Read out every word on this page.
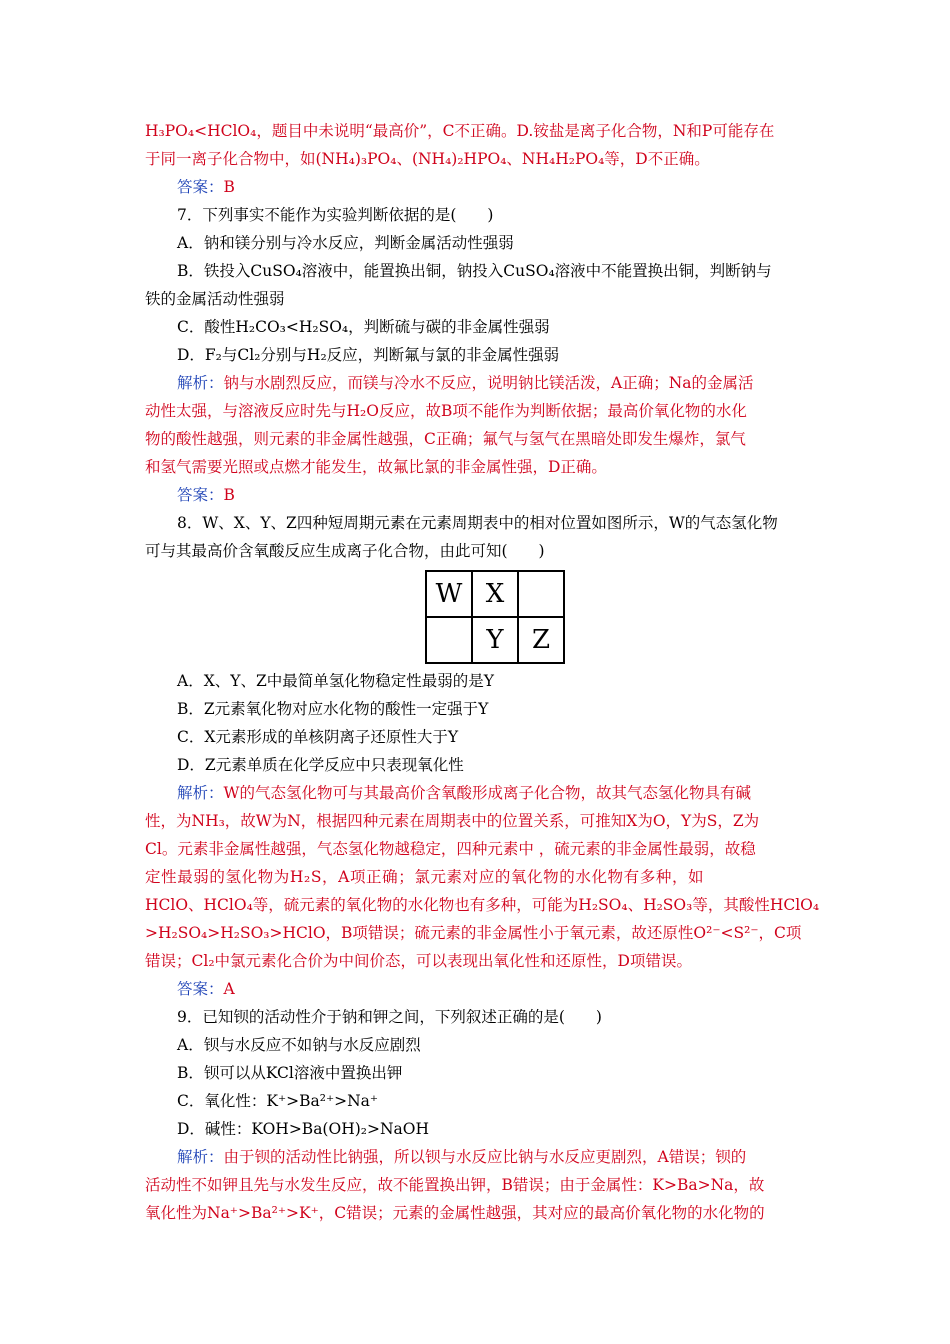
H₃PO₄<HClO₄，题目中未说明“最高价”，C不正确。D.铵盐是离子化合物，N和P可能存在
于同一离子化合物中，如(NH₄)₃PO₄、(NH₄)₂HPO₄、NH₄H₂PO₄等，D不正确。
答案：B
7．下列事实不能作为实验判断依据的是(　　)
A．钠和镁分别与冷水反应，判断金属活动性强弱
B．铁投入CuSO₄溶液中，能置换出铜，钠投入CuSO₄溶液中不能置换出铜，判断钠与
铁的金属活动性强弱
C．酸性H₂CO₃<H₂SO₄，判断硫与碳的非金属性强弱
D．F₂与Cl₂分别与H₂反应，判断氟与氯的非金属性强弱
解析：钠与水剧烈反应，而镁与冷水不反应，说明钠比镁活泼，A正确；Na的金属活
动性太强，与溶液反应时先与H₂O反应，故B项不能作为判断依据；最高价氧化物的水化
物的酸性越强，则元素的非金属性越强，C正确；氟气与氢气在黑暗处即发生爆炸，氯气
和氢气需要光照或点燃才能发生，故氟比氯的非金属性强，D正确。
答案：B
8．W、X、Y、Z四种短周期元素在元素周期表中的相对位置如图所示，W的气态氢化物
可与其最高价含氧酸反应生成离子化合物，由此可知(　　)
W	X	
	Y	Z
A．X、Y、Z中最简单氢化物稳定性最弱的是Y
B．Z元素氧化物对应水化物的酸性一定强于Y
C．X元素形成的单核阴离子还原性大于Y
D．Z元素单质在化学反应中只表现氧化性
解析：W的气态氢化物可与其最高价含氧酸形成离子化合物，故其气态氢化物具有碱
性，为NH₃，故W为N，根据四种元素在周期表中的位置关系，可推知X为O，Y为S，Z为
Cl。元素非金属性越强，气态氢化物越稳定，四种元素中 ，硫元素的非金属性最弱，故稳
定性最弱的氢化物为H₂S，A项正确；氯元素对应的氧化物的水化物有多种，如
HClO、HClO₄等，硫元素的氧化物的水化物也有多种，可能为H₂SO₄、H₂SO₃等，其酸性HClO₄
>H₂SO₄>H₂SO₃>HClO，B项错误；硫元素的非金属性小于氧元素，故还原性O²⁻<S²⁻，C项
错误；Cl₂中氯元素化合价为中间价态，可以表现出氧化性和还原性，D项错误。
答案：A
9．已知钡的活动性介于钠和钾之间，下列叙述正确的是(　　)
A．钡与水反应不如钠与水反应剧烈
B．钡可以从KCl溶液中置换出钾
C．氧化性：K⁺>Ba²⁺>Na⁺
D．碱性：KOH>Ba(OH)₂>NaOH
解析：由于钡的活动性比钠强，所以钡与水反应比钠与水反应更剧烈，A错误；钡的
活动性不如钾且先与水发生反应，故不能置换出钾，B错误；由于金属性：K>Ba>Na，故
氧化性为Na⁺>Ba²⁺>K⁺，C错误；元素的金属性越强，其对应的最高价氧化物的水化物的
